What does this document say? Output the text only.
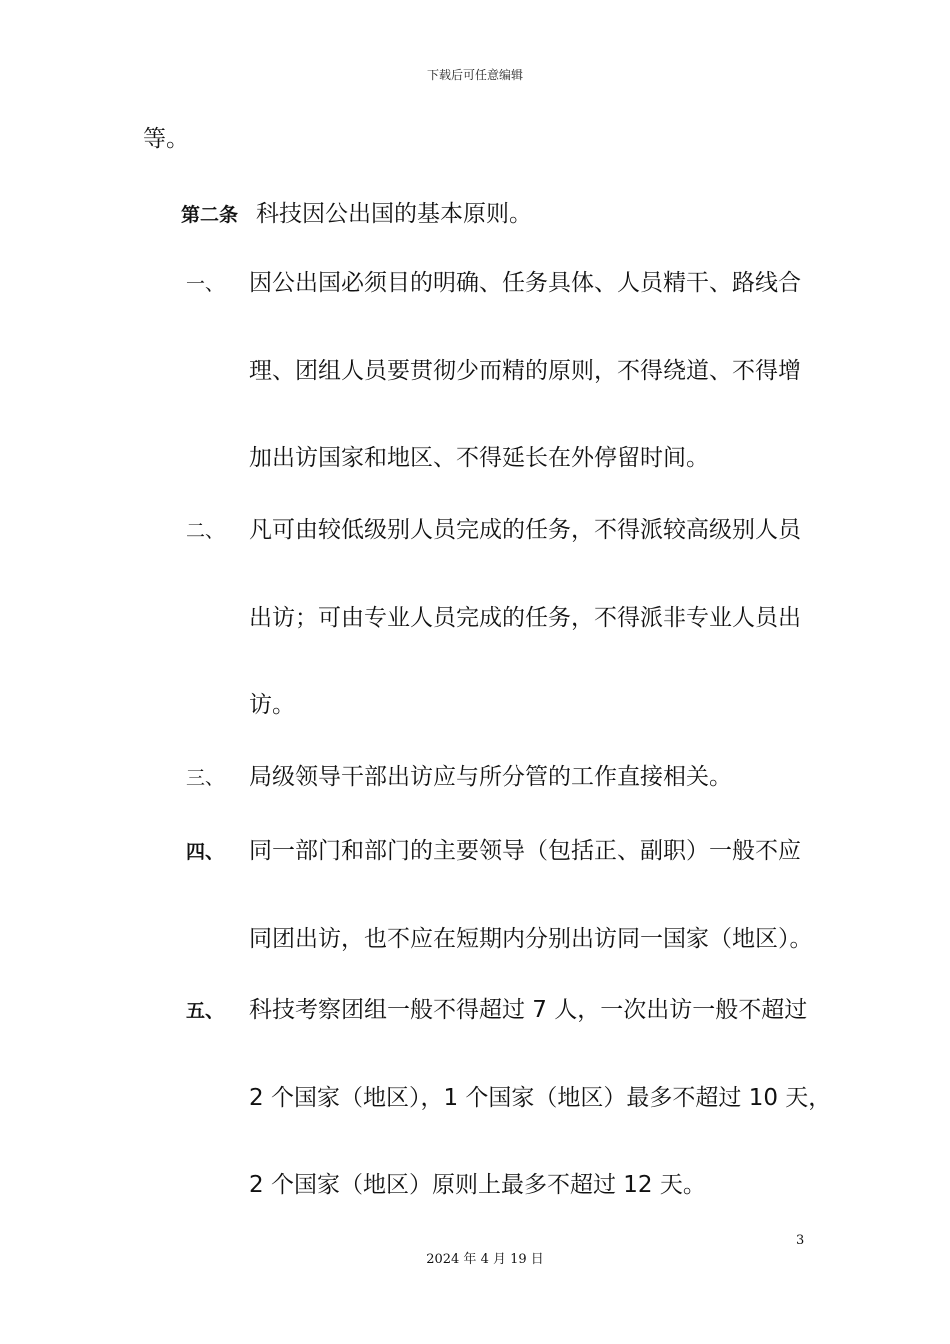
下载后可任意编辑
等。
第二条 科技因公出国的基本原则。
一、 因公出国必须目的明确、任务具体、人员精干、路线合
理、团组人员要贯彻少而精的原则，不得绕道、不得增
加出访国家和地区、不得延长在外停留时间。
二、 凡可由较低级别人员完成的任务，不得派较高级别人员
出访；可由专业人员完成的任务，不得派非专业人员出
访。
三、 局级领导干部出访应与所分管的工作直接相关。
四、 同一部门和部门的主要领导（包括正、副职）一般不应
同团出访，也不应在短期内分别出访同一国家（地区）。
五、 科技考察团组一般不得超过 7 人，一次出访一般不超过
2 个国家（地区），1 个国家（地区）最多不超过 10 天，
2 个国家（地区）原则上最多不超过 12 天。
3
2024 年 4 月 19 日
